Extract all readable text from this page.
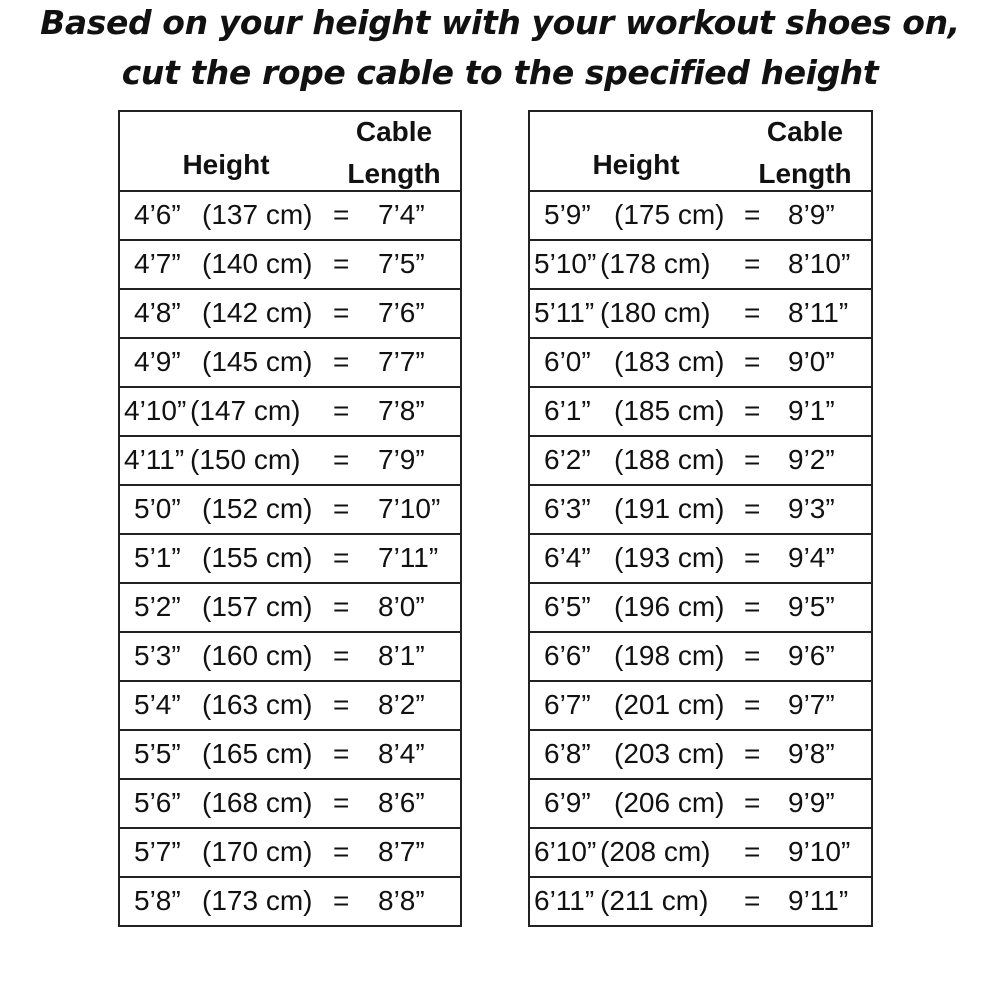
Based on your height with your workout shoes on,
cut the rope cable to the specified height
Height
Cable
Length
4’6” (137 cm) = 7’4”
4’7” (140 cm) = 7’5”
4’8” (142 cm) = 7’6”
4’9” (145 cm) = 7’7”
4’10” (147 cm) = 7’8”
4’11” (150 cm) = 7’9”
5’0” (152 cm) = 7’10”
5’1” (155 cm) = 7’11”
5’2” (157 cm) = 8’0”
5’3” (160 cm) = 8’1”
5’4” (163 cm) = 8’2”
5’5” (165 cm) = 8’4”
5’6” (168 cm) = 8’6”
5’7” (170 cm) = 8’7”
5’8” (173 cm) = 8’8”
Height
Cable
Length
5’9” (175 cm) = 8’9”
5’10” (178 cm) = 8’10”
5’11” (180 cm) = 8’11”
6’0” (183 cm) = 9’0”
6’1” (185 cm) = 9’1”
6’2” (188 cm) = 9’2”
6’3” (191 cm) = 9’3”
6’4” (193 cm) = 9’4”
6’5” (196 cm) = 9’5”
6’6” (198 cm) = 9’6”
6’7” (201 cm) = 9’7”
6’8” (203 cm) = 9’8”
6’9” (206 cm) = 9’9”
6’10” (208 cm) = 9’10”
6’11” (211 cm) = 9’11”
